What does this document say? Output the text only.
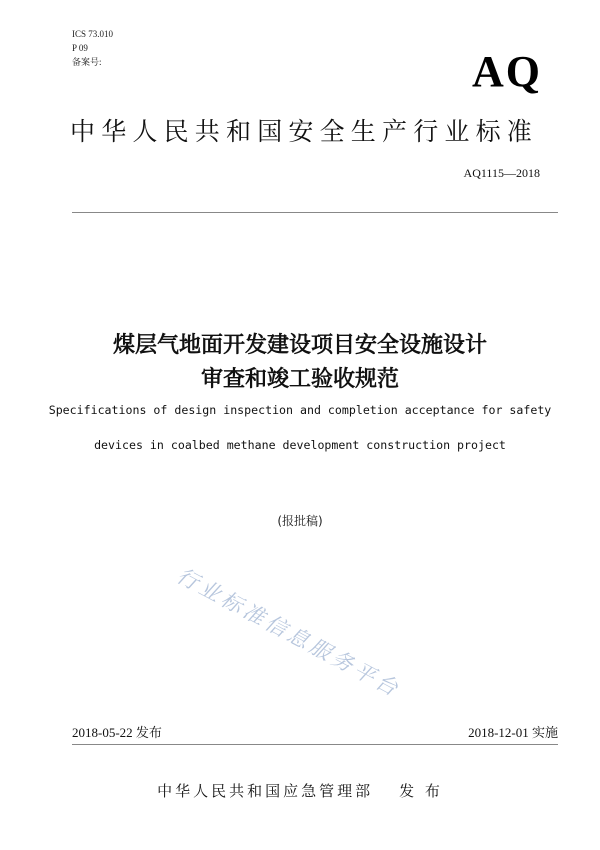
ICS 73.010
P 09
备案号:	AQ
中华人民共和国安全生产行业标准
AQ1115—2018
煤层气地面开发建设项目安全设施设计
审查和竣工验收规范
Specifications of design inspection and completion acceptance for safety
devices in coalbed methane development construction project
(报批稿)
行业标准信息服务平台
2018-05-22 发布	2018-12-01 实施
中华人民共和国应急管理部 发 布
